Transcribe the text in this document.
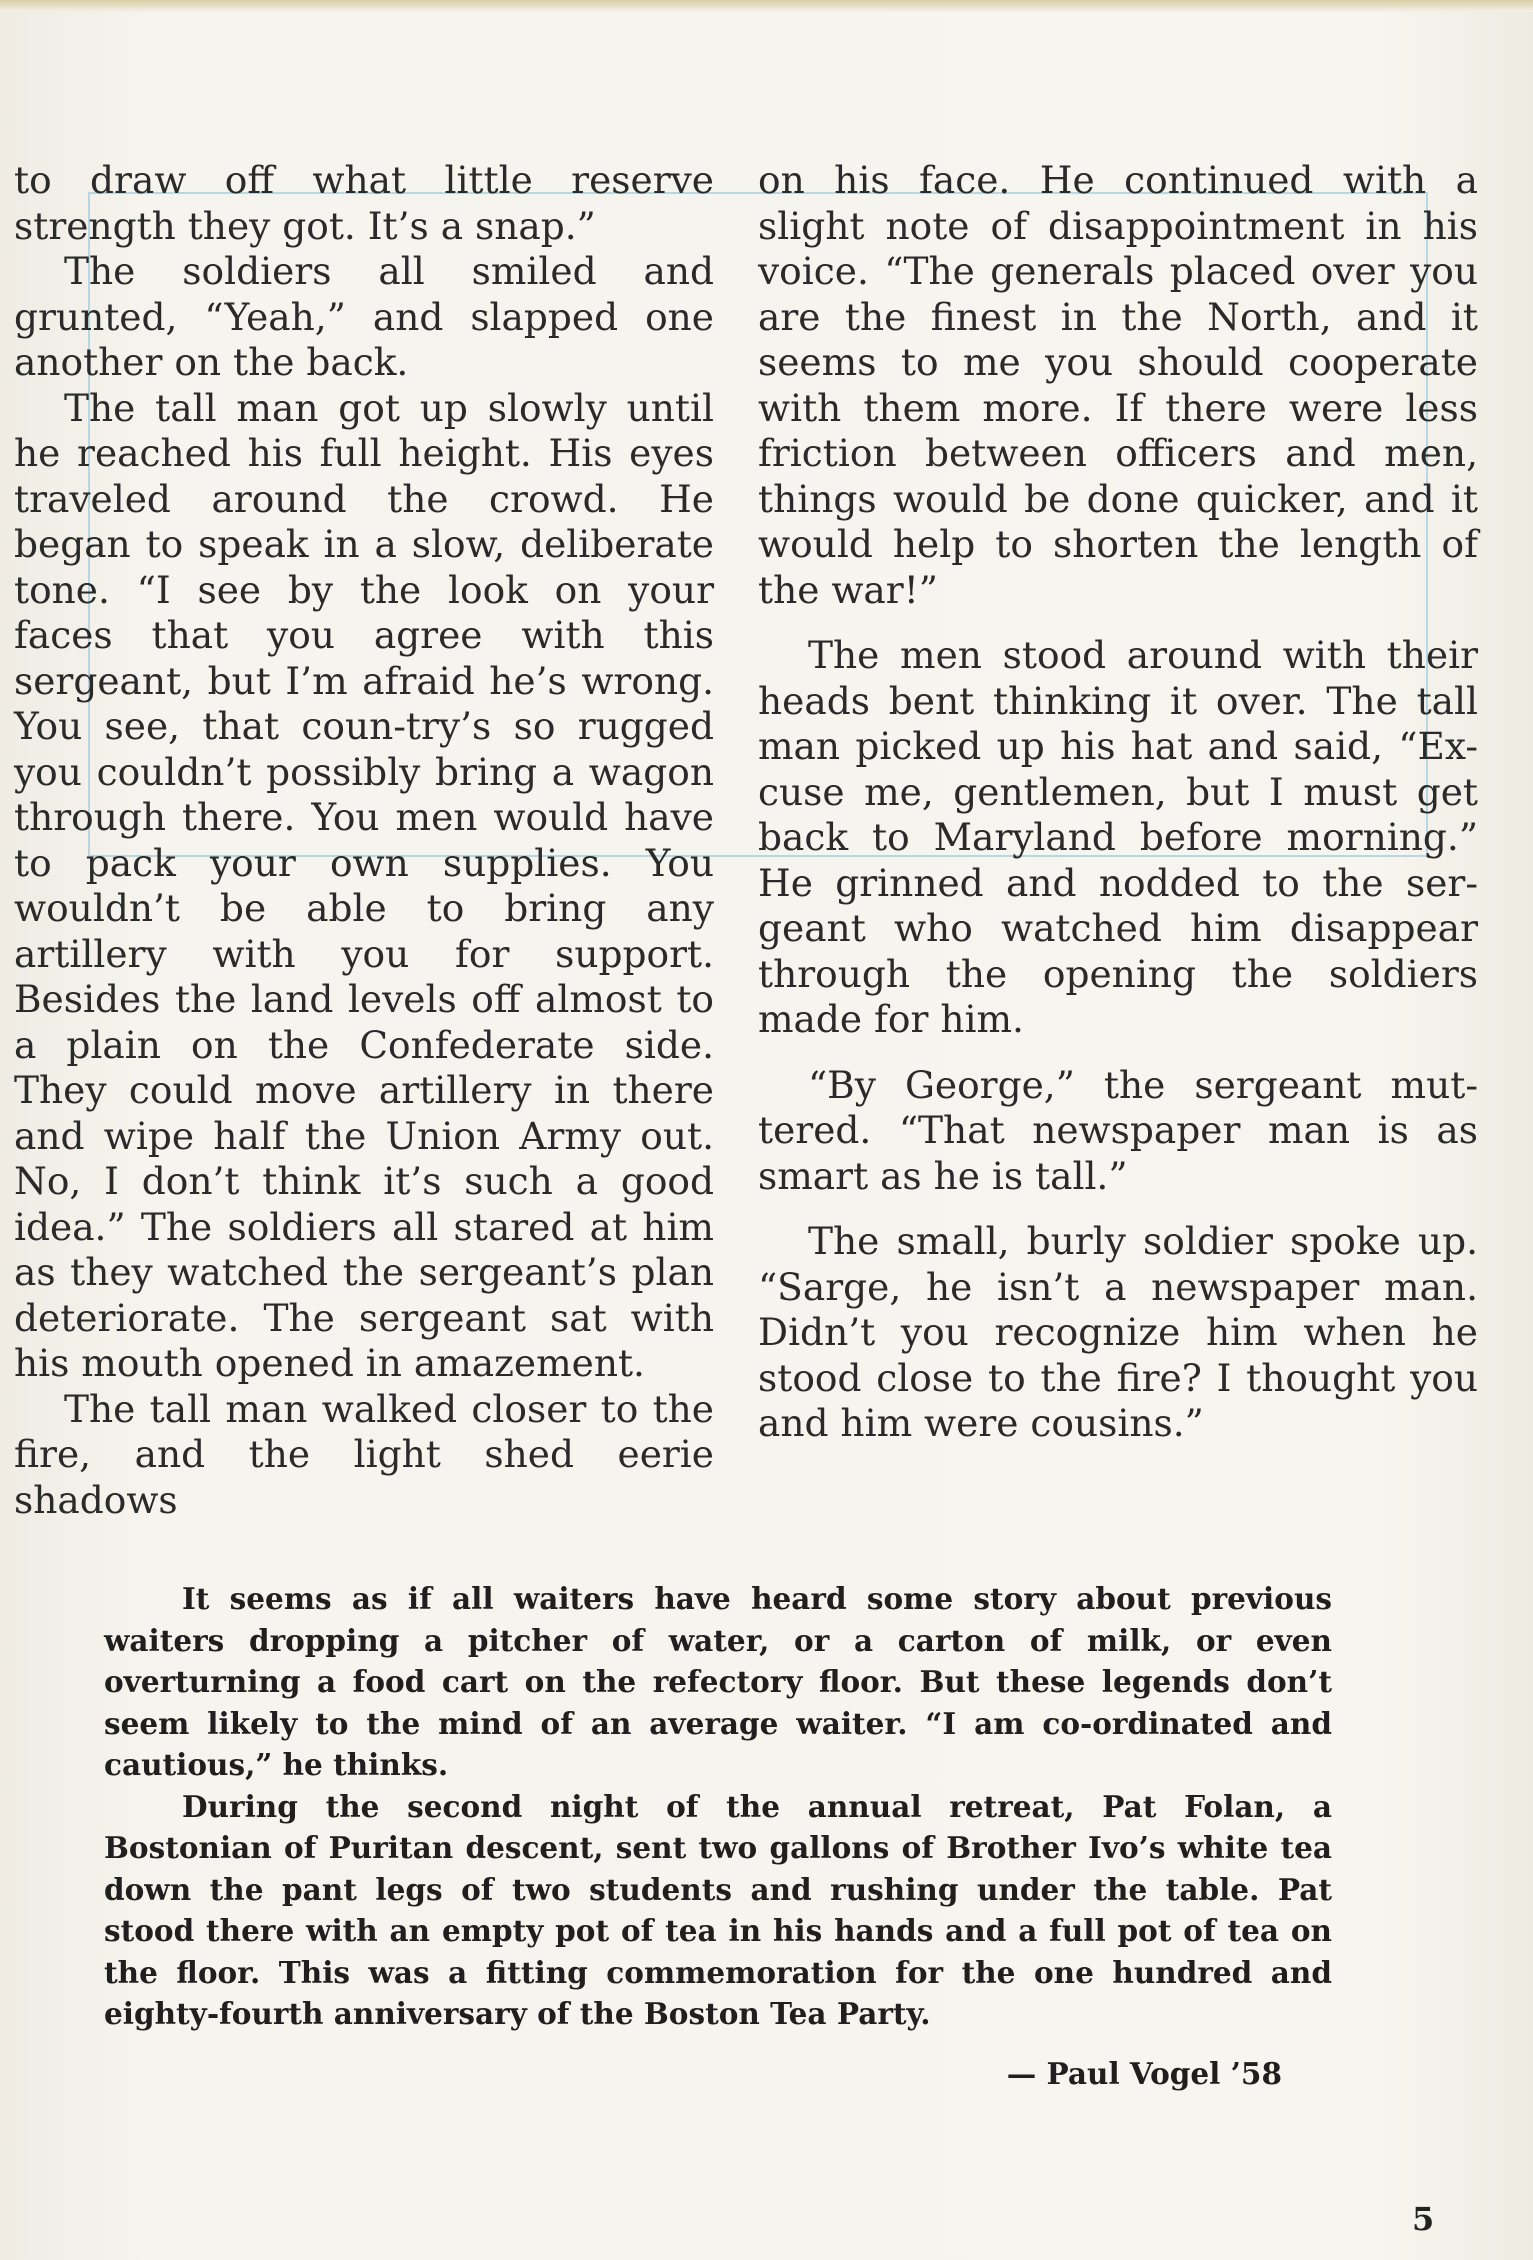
to draw off what little reserve strength they got. It’s a snap.”

The soldiers all smiled and grunted, “Yeah,” and slapped one another on the back.

The tall man got up slowly until he reached his full height. His eyes traveled around the crowd. He began to speak in a slow, deliberate tone. “I see by the look on your faces that you agree with this sergeant, but I’m afraid he’s wrong. You see, that coun-try’s so rugged you couldn’t possibly bring a wagon through there. You men would have to pack your own supplies. You wouldn’t be able to bring any artillery with you for support. Besides the land levels off almost to a plain on the Confederate side. They could move artillery in there and wipe half the Union Army out. No, I don’t think it’s such a good idea.” The soldiers all stared at him as they watched the sergeant’s plan deteriorate. The sergeant sat with his mouth opened in amazement.

The tall man walked closer to the fire, and the light shed eerie shadows

on his face. He continued with a slight note of disappointment in his voice. “The generals placed over you are the finest in the North, and it seems to me you should cooperate with them more. If there were less friction between officers and men, things would be done quicker, and it would help to shorten the length of the war!”

The men stood around with their heads bent thinking it over. The tall man picked up his hat and said, “Ex-cuse me, gentlemen, but I must get back to Maryland before morning.” He grinned and nodded to the ser-geant who watched him disappear through the opening the soldiers made for him.

“By George,” the sergeant mut-tered. “That newspaper man is as smart as he is tall.”

The small, burly soldier spoke up. “Sarge, he isn’t a newspaper man. Didn’t you recognize him when he stood close to the fire? I thought you and him were cousins.”

It seems as if all waiters have heard some story about previous waiters dropping a pitcher of water, or a carton of milk, or even overturning a food cart on the refectory floor. But these legends don’t seem likely to the mind of an average waiter. “I am co-ordinated and cautious,” he thinks.

During the second night of the annual retreat, Pat Folan, a Bostonian of Puritan descent, sent two gallons of Brother Ivo’s white tea down the pant legs of two students and rushing under the table. Pat stood there with an empty pot of tea in his hands and a full pot of tea on the floor. This was a fitting commemoration for the one hundred and eighty-fourth anniversary of the Boston Tea Party.

— Paul Vogel ’58

5
